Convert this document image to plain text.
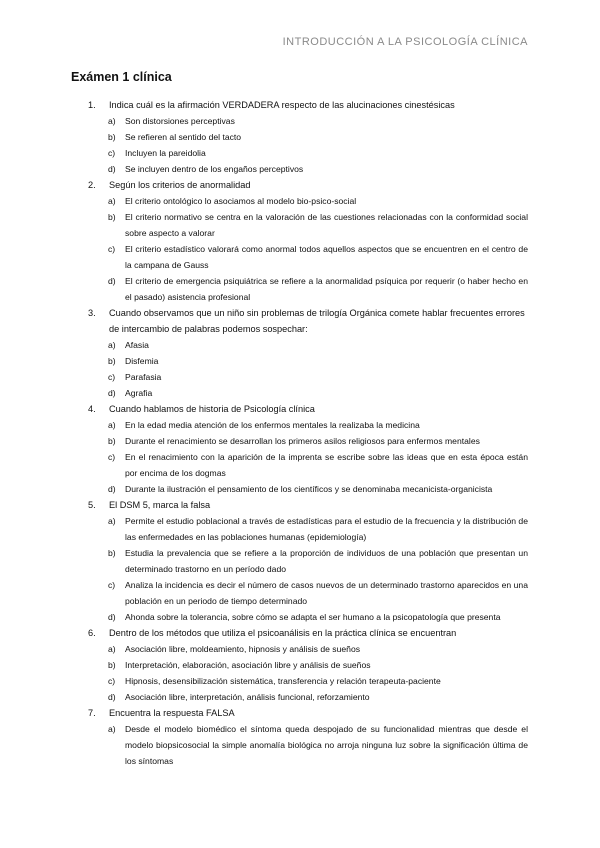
INTRODUCCIÓN A LA PSICOLOGÍA CLÍNICA
Exámen 1 clínica
1.	Indica cuál es la afirmación VERDADERA respecto de las alucinaciones cinestésicas
a)	Son distorsiones perceptivas
b)	Se refieren al sentido del tacto
c)	Incluyen la pareidolia
d)	Se incluyen dentro de los engaños perceptivos
2.	Según los criterios de anormalidad
a)	El criterio ontológico lo asociamos al modelo bio-psico-social
b)	El criterio normativo se centra en la valoración de las cuestiones relacionadas con la conformidad social sobre aspecto a valorar
c)	El criterio estadístico valorará como anormal todos aquellos aspectos que se encuentren en el centro de la campana de Gauss
d)	El criterio de emergencia psiquiátrica se refiere a la anormalidad psíquica por requerir (o haber hecho en el pasado) asistencia profesional
3.	Cuando observamos que un niño sin problemas de trilogía Orgánica comete hablar frecuentes errores de intercambio de palabras podemos sospechar:
a)	Afasia
b)	Disfemia
c)	Parafasia
d)	Agrafia
4.	Cuando hablamos de historia de Psicología clínica
a)	En la edad media atención de los enfermos mentales la realizaba la medicina
b)	Durante el renacimiento se desarrollan los primeros asilos religiosos para enfermos mentales
c)	En el renacimiento con la aparición de la imprenta se escribe sobre las ideas que en esta época están por encima de los dogmas
d)	Durante la ilustración el pensamiento de los científicos y se denominaba mecanicista-organicista
5.	El DSM 5, marca la falsa
a)	Permite el estudio poblacional a través de estadísticas para el estudio de la frecuencia y la distribución de las enfermedades en las poblaciones humanas (epidemiología)
b)	Estudia la prevalencia que se refiere a la proporción de individuos de una población que presentan un determinado trastorno en un período dado
c)	Analiza la incidencia es decir el número de casos nuevos de un determinado trastorno aparecidos en una población en un periodo de tiempo determinado
d)	Ahonda sobre la tolerancia, sobre cómo se adapta el ser humano a la psicopatología que presenta
6.	Dentro de los métodos que utiliza el psicoanálisis en la práctica clínica se encuentran
a)	Asociación libre, moldeamiento, hipnosis y análisis de sueños
b)	Interpretación, elaboración, asociación libre y análisis de sueños
c)	Hipnosis, desensibilización sistemática, transferencia y relación terapeuta-paciente
d)	Asociación libre, interpretación, análisis funcional, reforzamiento
7.	Encuentra la respuesta FALSA
a)	Desde el modelo biomédico el síntoma queda despojado de su funcionalidad mientras que desde el modelo biopsicosocial la simple anomalía biológica no arroja ninguna luz sobre la significación última de los síntomas
